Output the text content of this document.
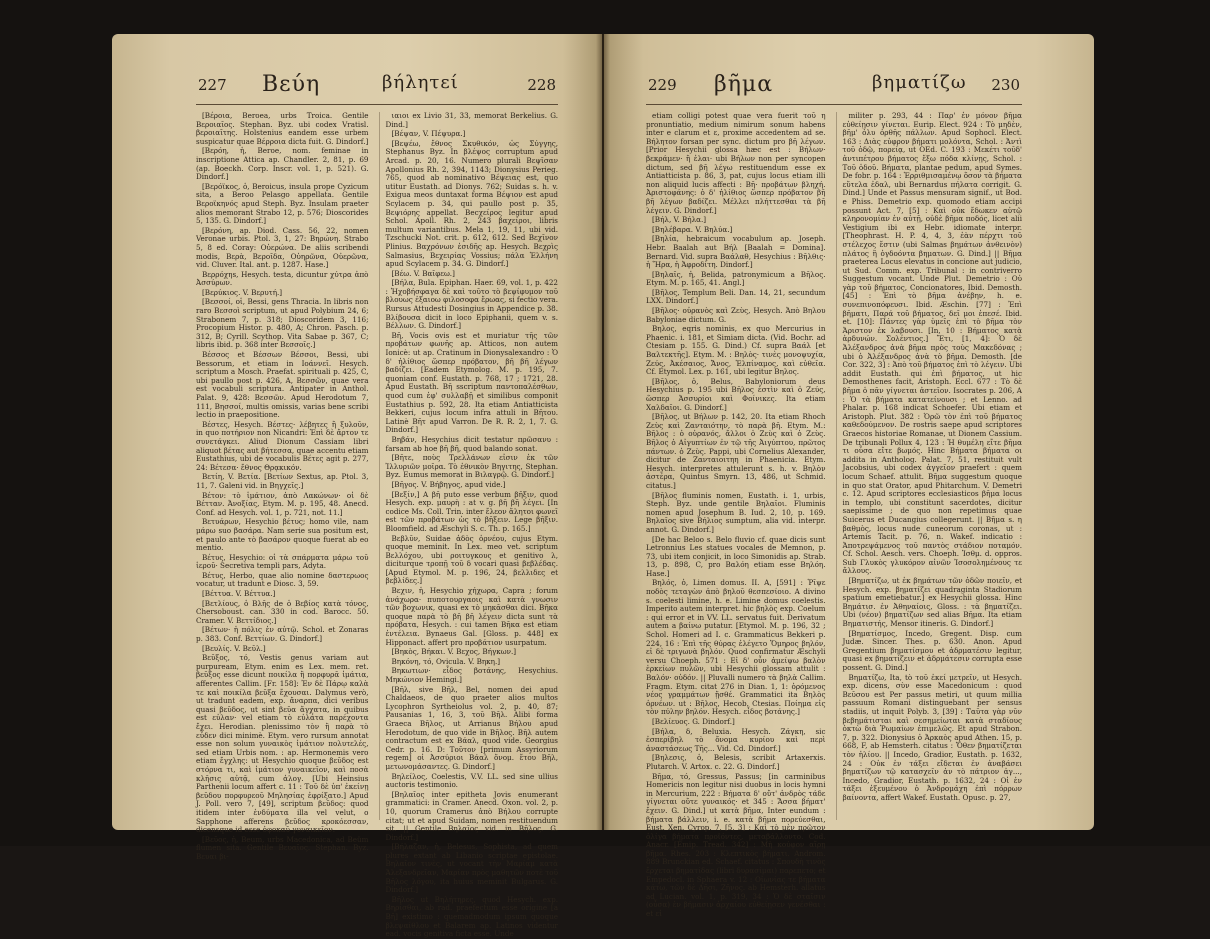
227 Βεύη	βήλητεί	228

[Βέροια, Beroea, urbs Troica. Gentile Βεροιαῖος. Stephan. Byz. ubi codex Vratisl. βεροιαῖτης. Holstenius eandem esse urbem suspicatur quae Βέρροια dicta fuit. G. Dindorf.]

[Βερόη, ἡ, Beroe, nom. feminae in inscriptione Attica ap. Chandler. 2, 81, p. 69 (ap. Boeckh. Corp. Inscr. vol. 1, p. 521). G. Dindorf.]

[Βερόϊκος, ὁ, Beroicus, insula prope Cyzicum sita, a Beroo Pelasgo appellata. Gentile Βεροϊκηνός apud Steph. Byz. Insulam praeter alios memorant Strabo 12, p. 576; Dioscorides 5, 135. G. Dindorf.]

[Βερόνη, ap. Diod. Cass. 56, 22, nomen Veronae urbis. Ptol. 3, 1, 27: Βηρώνη. Strabo 5, 8 ed. Coray: Οὐερώνα. De aliis scribendi modis, Βερὰ, Βεροῖδα, Οὐηρῶνα, Οὐερῶνα, vid. Cluver. Ital. ant. p. 1287. Hase.]

Βερρόχηs, Hesych. testa, dicuntur χύτρα ἀπὸ Ἀσσύρων.

[Βερύκιος. V. Βερυτή.]

[Βεσσοί, οἱ, Bessi, gens Thracia. In libris non raro Βεσσοὶ scriptum, ut apud Polybium 24, 6; Strabonem 7, p. 318; Dioscoridem 3, 116; Procopium Histor. p. 480, A; Chron. Pasch. p. 312, B; Cyrill. Scythop. Vita Sabae p. 367, C; libris ibid. p. 368 inter Βεσσοῖς.]

Βέσσος et Βέσσων Βέσσοι, Bessi, ubi Bessorum, et etiam in Iοάννεῖ. Hesych. scriptum a Mosch. Praefat. spirituali p. 425, C, ubi paullo post p. 426, A, Βεσσῶν, quae vera est vocabuli scriptura. Antipater in Anthol. Palat. 9, 428: Βεσσῶν. Apud Herodotum 7, 111, Βησσοί, multis omissis, varias bene scribi lectio in praepositione.

Βέστες, Hesych. Βέστες· λέβητες ἢ ξυλοῦν, in quo ποτήριον non Nicandri: Ἐπὶ δὲ ἄρτον τε συνετάγκει. Aliud Dionum Cassiam libri aliquot βέτας aut βήτεσσα, quae accentu etiam Eustathius, ubi de vocabulis Βέτες agit p. 277, 24: Βέτεσα· ἔθνος Θρᾳκικόν.

Βετίη, V. Βετία. [Βετίων Sextus, ap. Ptol. 3, 11, 7. Galeni vid. in Βηγχεῖς.]

Βέτον: τὸ ἱμάτιον, ἀπὸ Λακώνων· οἱ δὲ Βέτταν. Ἀνοξίας, Etym. M. p. 195, 48. Anecd. Conf. ad Hesych. vol. 1, p. 721, not. 11.]

Βετυάρων, Hesychio βέτυς; homo vile, nam μάρω suo βασάρα. Nam serie sua positum est, et paulo ante τὸ βασάρον quoque fuerat ab eo mentio.

Βέτυς, Hesychio: οἱ τὰ σπάρματα μάρω τοῦ ἱεροῦ· Secretiva templi pars, Adyta.

Βέτυς, Herbo, quae alio nomine δαστερωος vocatur, ut tradunt e Diosc. 3, 59.

[Βέττυα. V. Βέττυα.]

[Βετλίους, ὁ Βλῆς de ὁ Βεβίος κατὰ τόνος, Chersoboust. can. 330 in cod. Barocc. 50. Cramer. V. Βεττίδιος.]

[Βέτων· ἡ πόλις ἐν αὐτῷ. Schol. et Zonaras p. 383. Conf. Βεττίων. G. Dindorf.]

[Βευλίς. V. Βεῦλ.]

Βεῦξος, τό, Vestis genus variam aut purpuream, Etym. enim es Lex. mem. ret. βεῦξος esse dicunt ποικίλα ἢ πορφυρᾶ ἱμάτια, afferentes Callim. [Fr. 158]: Ἐν δὲ Πάρῳ καλὰ τε καὶ ποικίλα βεῦξα ἔχουσαι. Dalymus verò, ut tradunt eadem, exp. ἄναρπα, dici veribus quasi βεῦδος, ut sint βεῦα ἄγχατα, in quibus est εὐλαν· vel etiam τὸ εὐλάτα παρέχοντα ἔχει. Herodian. plenissimo τὸν ἢ παρὰ τὸ εὖδεν dici minimè. Etym. vero rursum annotat esse non solum γυναικὸς ἱμάτιον πολυτελές, sed etiam Urbis nom. : ap. Hermonemis vero etiam ἔγχλης: ut Hesychio quoque βεῦδος est στόρνα τι, καὶ ἱμάτιον γυναικεῖον, καὶ ποσὰ κλῆσις αὐτᾷ, cum ἀλογ. [Ubi Heinsius Parthenii locum affert c. 11 : Τοῦ δὲ ὑπ' ἐκείνῃ βεῦδου πορφυρεοῦ Μηλησίας ἐφρίξατο.] Apud J. Poll. vero 7, [49], scriptum βεῦδος: quod itidem inter ἐνδύματα illa vel velut, o Sapphone afferens βεῦδος κροκόεσσαν, dicensque id esse ὀφοκαῦ γυναικεῖον.

[Βεῦος, ἡ, Beum, urbs Macedonica, ad Beüm flumen sita. Gentile Βευαῖος. Stephan. Byz. Βευαι βι-

ιαιοι ex Livio 31, 33, memorat Berkelius. G. Dind.]

[Βέψαν, V. Πέψυρα.]

[Βεψέω, ἔθνος Σκυθικόν, ὡς Σύγγης, Stephanus Byz. In βλέψος corruptum apud Arcad. p. 20, 16. Numero plurali Βεψῖσαν Apollonius Rh. 2, 394, 1143; Dionysius Perieg. 765, quod ab nominativo Βέψειας est, quo utitur Eustath. ad Dionys. 762; Suidas s. h. v. Exigua meos duntaxat forma Βέψιον est apud Scylacem p. 34, qui paullo post p. 35, Βεψιόρης appellat. Becχείρος legitur apud Schol. Apoll. Rh. 2, 243 βαχείροι, libris multum variantibus. Mela 1, 19, 11, ubi vid. Tzschucki Not. crit. p. 612, 612. Sed Βεχῖνον Plinius. Βαχρόνων ἐσιδῆς ap. Hesych. Βεχρὶς Salmasius, Βεχειρίας Vossius; πάλα Ἐλλήνη apud Scylacem p. 34. G. Dindorf.]

[Βέω. V. Βαῖφεω.]

[Βήλα, Bula. Epiphan. Haer. 69, vol. 1, p. 422 : Ἡχοβήσφαγα δὲ καὶ τοῦτο τὸ βεψίφυμον τοῦ βλουως ἐξαιοω φιλοσοφα ἔρωας, si fectio vera. Rursus Attudesti Dosingius in Appendice p. 38. Βλίβουσα dicit in loco Epiphanii, quem v. s. Βέλλων. G. Dindorf.]

Βῆ, Vocis ovis est et muriatur τῆς τῶν προβάτων φωνῆς ap. Atticos, non autem Ionicè: ut ap. Cratinum in Dionysalexandro : Ὁ δ' ἠλίθιος ὥσπερ πρόβατον, βῆ βῆ λέγων βαδίζει. [Eadem Etymolog. M. p. 195, 7. quoniam conf. Eustath. p. 768, 17 ; 1721, 28. Apud Eustath. Βῆ sscriptum παντοπαλέσθων, quod cum ἐφ' συλλαβῇ et similibus componit Eustathius p. 592, 28. Ita etiam Antiatticista Bekkeri, cujus locum infra attuli in Βῆτου. Latinè Βῆτ apud Varron. De R. R. 2, 1, 7. G. Dindorf.]

Βηβάν, Hesychius dicit testatur πρῶσανυ : farsam ab hoe βῆ βῆ, quod balando sonat.

[Βῆτε, ποὺς Τρελλάνων εἰσιν ἐκ τῶν Ἰλλυριῶν μοῖρα. Τὸ ἐθνικὸν Βηγιτης, Stephan. Byz. Eumus memorat in Βιλαγρῷ. G. Dindorf.]

[Βῆγος. V. Βήβηγος, apud vide.]

[Βεξίν,] A βῆ puto esse verbum βῆξιν, quod Hesych. exp. μαυρὴ : at v. g. βῆ βῆ λέγει. [In codice Ms. Coll. Trin. inter ἔλεον ἄλητοι φωνεῖ est τῶν προβάτων ὡς τὸ βῆξειν. Lege βῆξιν. Bloomfield. ad Æschyli S. c. Th. p. 165.]

Βεβλῦν, Suidae ἀδὸς ὀρνέου, cujus Etym. quoque meminit. In Lex. meo vet. scriptum Βελλόχου, ubi ροιτυγκους et genitivo λ, diciturque τροπῇ τοῦ δ vocari quasi βεβλέδας. [Apud Etymol. M. p. 196, 24, βελλιδες et βεβλίδες.]

Βεχιν, ἡ, Hesychio χήχωρα, Capra ; forum ἀνάχωρα· πυποτουργαοις καὶ κατὰ γνωσιν τῶν βοχωνικ, quasi ex τὸ μηκᾶσθαι dici. Βῆκα quoque παρὰ τὸ βῆ βῆ λέγειν dicta sunt τὰ πρόβατα, Hesych. : cui tamen Βῆκα est etiam ἐντέλεια. Bynaeus Gal. [Gloss. p. 448] ex Hipponact. affert pro προβάτιον usurpatum.

[Βηκὸς, Βήκαι. V. Βεχος, Βήγκων.]

Βηκόνη, τό, Ovicula. V. Βηκη.]

Βηκωτιων· εἶδος βοτάνης, Hesychius. Μηκώνιον Hemingi.]

[Βῆλ, sive Βῆλ, Bel, nomen dei apud Chaldaeos, de quo praeter alios multos Lycophron Syrtheiolus vol. 2, p. 40, 87; Pausanias 1, 16, 3, τοῦ Βῆλ. Alibi forma Graeca Βῆλος, ut Arrianus Βήλου apud Herodotum, de quo vide in Βῆλος. Βῆλ autem contractum est ex Βάαλ, quod vide. Georgius Cedr. p. 16. D: Τοῦτον [primum Assyriorum regem] οἱ Ἀσσύριοι Βάαλ ὄνομ. ἔτου Βῆλ, μετωνομάσαντες. G. Dindorf.]

Βηλείλος, Coelestis, V.V. LL. sed sine ullius auctoris testimonio.

[Βηλαῖος inter epitheta Jovis enumerant grammatici: in Cramer. Anecd. Oxon. vol. 2, p. 10, quorum Cramerus ἀπὸ Βήλου corrupte citat; ut et apud Suidam, nomen restituendum sit. || Gentile Βηλαῖος vid. in Βῆλος. G. Dindorf.]

[Βήλαζαν, ἡ, Belesus, Sophista, ad quem plures extant ab Libanio scriptae epistolae. Βηλαῖον τινὲς, ut vocant τὴν Μαρίαμ κατὰ Ἀλεξανδρεῖαν, Μαρίαν πρὸς μαθητῶν ποτὲ τοῦ Βῆλος λόγου, ita huius meminit Bulgarus. G. Dindorf.]

Βῆλος ut Βηλήτηρες, quod Hesych. exp. Βηρίσθαι, ab rad. praefectum esse origine [a Βῆ] existimo : quemadmodum ipsum quoque βλεψαίθλου et Balarem ap. Latinos videntur ead. vocis genitiva ficta esse. Unde

229 βῆμα	βηματίζω 230

etiam colligi potest quae vera fuerit τοῦ η pronuntiatio, medium nimirum sonum habens inter e clarum et ε, proxime accedentem ad se. Βήλητον forsan per sync. dictum pro βῆ λέγων. [Prior Hesychii glossa hæc est : Βήλων· βεκράμεν· ἢ ἐλαι· ubi Βήλων non per syncopen dictum, sed βῆ λέγω restituendum esse ex Antiatticista p. 86, 3, pat, cujus locus etiam illi non aliquid lucis affecti : Βῆ· προβάτων βληχή. Ἀριστοφάνης: ὁ δ' ἠλίθιος ὥσπερ πρόβατον βῆ βῆ λέγων βαδίζει. Μέλλει πλήττεσθαι τὰ βῆ λέγειν. G. Dindorf.]

[Βήλ, V. Βήλα.]

[Βηλέβαρα. V. Βηλύα.]

[Βηλία, hebraicum vocabulum ap. Joseph. Hebr. Baalah aut Βήλ [Baalah = Domina]. Bernard. Vid. supra Βαάλαθ, Hesychius : Βῆλθις· ἡ Ἥρα, ἡ Ἀφροδίτη. Dindorf.]

[Βηλαῖς, ἡ, Belida, patronymicum a Βῆλος. Etym. M. p. 165, 41. Angl.]

[Βῆλος, Templum Beli. Dan. 14, 21, secundum LXX. Dindorf.]

[Βῆλος· οὐρανὸς καὶ Ζεὺς, Hesych. Ἀπὸ Βηλου Babyloniae dictum. G.

Βηλος, eqris nominis, ex quo Mercurius in Phaenic. i. 181, et Simiam dicta. (Vid. Bochr. ad Ctesiam p. 155. G. Dind.) Cf. supra Βαάλ [et Βαλτεκτῆς]. Etym. M. : Βηλὸς· τινὲς μονοψυχία, Ζεύς, Ἀκέσαιος, Ἄνος, Ἐλπίναμος, καὶ εὐθεῖα. Cf. Etymol. Lex. p. 161, ubi legitur Βηλος.

[Βῆλος, ὁ, Belus, Babyloniorum deus Hesychius p. 195 ubi Βῆλος ἐστὶν καὶ ὁ Ζεύς, ὥσπερ Ἀσσυρίοι καὶ Φοίνικες. Ita etiam Χαλδαῖοι. G. Dindorf.]

[Βῆλος, ut Βήλων p. 142, 20. Ita etiam Rhoch Ζεὺς καὶ Ζανταιότην, τὸ παρὰ βῆ. Etym. M.: Βῆλος : ὁ οὐρανός, ἄλλοι ὁ Ζεὺς καὶ ὁ Ζεὺς. Βῆλος ὁ Αἰγυπτίων ἐν τῷ τῆς Ἀιγύπτου, πρῶτος πάντων. ὁ Ζεὺς. Pappi, ubi Cornelius Alexander, dicitur de Ζανταιοιτηη in Phaenicia. Etym. Hesych. interpretes attulerunt s. h. v. Βηλὸν ἀστέρα, Quintus Smyrn. 13, 486, ut Schmid. citatus.]

[Βῆλος fluminis nomen, Eustath. i. 1, urbis, Steph. Byz. unde gentile Βηλαῖοι. Fluminis nomen apud Josephum B. Iud. 2, 10, p. 169. Βηλαῖος sive Βήλιος sumptum, alia vid. interpr. annot. G. Dindorf.]

[De hac Beloo s. Belo fluvio cf. quae dicis sunt Letronnius Les statues vocales de Memnon, p. 73, ubi item conjicit, in loco Simonidis ap. Strab. 13, p. 898, C, pro Βαλόη etiam esse Βηλόη. Hase.]

Βηλός, ὁ, Limen domus. II. A, [591] : Ῥῖψε ποδὸς τεταγὼν ἀπὸ βηλοῦ θεσπεσίοιο. A divino s. coelesti limine, h. e. Limine domus coelestis. Imperito autem interpret. hic βηλὸς exp. Coelum : qui error et in VV. LL. servatus fuit. Derivatum autem a βαίνω putatur. [Etymol. M. p. 196, 32 ; Schol. Homeri ad I. c. Grammaticus Bekkeri p. 224, 16 : Ἐπὶ τῆς θύρας ἐλέγετο Ὅμηρος βηλόν, εἰ δὲ τριγωνὰ βηλόν. Quod confirmatur Æschyli versu Choeph. 571 : Εἰ δ' οὖν ἀμείψω βαλὸν ἑρκείων πυλῶν, ubi Hesychii glossam attulit : Βαλόν· οὐδόν. || Pluvalli numero τὰ βηλὰ Callim. Fragm. Etym. citat 276 in Dian. 1, 1: ὀρόμενος νέος γραμμάτων ᾔσθέ. Grammatici ita Βηλὸς ὀρνέων. ut : Βῆλος, Hecob. Ctesias. Ποίημα εἰς τὸν πύλην βηλόν. Hesych. εἶδος βοτάνης.]

[Βελίευος. G. Dindorf.]

[Βήλα, δ, Beluxia. Hesych. Ζάγκη, sic ἐσπερίβηλ τὸ ὄνομα κυρίου καὶ περὶ ἀναστάσεως Τῆς... Vid. Cd. Dindorf.]

[Βηλεσις, ὁ, Belesis, scribit Artaxerxis. Plutarch. V. Artox. c. 22. G. Dindorf.]

Βῆμα, τό, Gressus, Passus; [in carminibus Homericis non legitur nisi duobus in locis hymni in Mercurium, 222 : Βήματα δ' οὔτ' ἀνδρὸς τάδε γίγνεται οὔτε γυναικός· et 345 : Ἄσσα βήματ' ἔχειν. G. Dind.] ut κατὰ βῆμα, Inter eundum : βήματα βάλλειν, i. e. κατὰ βῆμα πορεύεσθαι, Eust. Xen. Cyrop. 7, [5, 3] : Καὶ τὸ μὲν πρῶτον ὀλίγα βήματα προϊόντες, μεταβάλλοντο. Cod. Anacr. [Emip. Tread. 342] : Μὴ κούφον αἴρῃ βῆμα. Rhes. 203 : Κλεπτικὸς βήματι. Androm. 889 Brunckian ed. Schaef. citatus : Σπουδὴ τινὸς ἔρχεται βηματίδας (libri δυρασίμαι) παρεπετο; et Empedocl. in Sphaera v. 12 : Οἰωνίας τε βήματα κάτω, τῶν δὲ Δῆσι, Ζῆνος. ab Hemsterh. allatus ad Lucian. vol. 1, p. 319, 34 : Ὁ δὲ σταῖσιν (οὖσα) ἐν βήμασιν ἀρχαίου εὐθείῃσεν γενέσθαι : et εἰ

militer p. 293, 44 : Παρ' ἐν μόνον βῆμα εὐθείῃσιν γίνεται. Eurip. Elect. 924 : Τὸ μηδὲν, βῆμ' ὀλυ ὀρθῆς πάλλων. Apud Sophocl. Elect. 163 : Διὰς εὐφρον βήματι μολόντα, Schol. : Ἀντὶ τοῦ ὁδῷ, πορείᾳ, ut OEd. C. 193 : Μεκέτι τοῦδ' ἀντιπέτρου βήματος ἔξω πόδα κλίνῃς, Schol. : Τοῦ ὁδοῦ. Βήματα, plantae pedum, apud Symes. De fobr. p. 164 : Ἐρριθμισαμένῳ ὅσον τὰ βήματα εὔτελα ἐδαλ, ubi Bernardus πήλατα corrigit. G. Dind.] Unde et Passus mensuram signif., ut Bod. e Phiss. Demetrio exp. quomodo etiam accipi possunt Act. 7, [5] : Καὶ οὐκ ἔδωκεν αὐτῷ κληρονομίαν ἐν αὐτῇ, οὐδὲ βῆμα ποδός, licet alii Vestigium ibi ex Hebr. idiomate interpr. [Theophrast. H. P. 4, 4, 3, ἐὰν πέρχτι τοῦ στέλεχος ἔστιν (ubi Salmas βημάτων ἀνθεινὸν) πλάτος ἢ ὀγδοόντα βηματων. G. Dind.] || Βῆμα praeterea Locus elevatus in concione aut judicio, ut Sud. Comm. exp. Tribunal : in contriverro Suggestum vocant. Unde Plut. Demetrio : Οὐ γὰρ τοῦ βήματος, Concionatores, Ibid. Demosth. [45] : Ἐπὶ τὸ βῆμα ἀνέβην, h. e. συνεπινοπόφευσι. Ibid. Æschin. [77] : Ἐπὶ βῆματι, Παρά τοῦ βήματος, δεῖ μοι ἐπεσέ. Ibid. et. [10]: Πάντες γὰρ ὑμεῖς ἐπὶ τὸ βῆμα τὸν Ἀριστον ἐκ λαβουσι. [In, 10 : Βήματος κατὰ ἀρδυνών. Σολέντιος.] Ἔτι, [1, 4]: Ὁ δὲ Ἀλέξανδρος ἀνὰ βῆμα πρὸς τοὺς Μακεδόνας ; ubi ὁ Ἀλέξανδρος ἀνὰ τὸ βῆμα. Demosth. [de Cor. 322, 3] : Ἀπὸ τοῦ βήματος ἐπὶ τὸ λέγειν. Ubi addit Eustath. qui ἐπὶ βήματος, ut hic Demosthenes facit, Aristoph. Eccl. 677 : Τὸ δὲ βῆμα ὁ πᾶν γίγνεται ἀστεῖον. Isocrates p. 206, A : Ὁ τὰ βήματα κατατείνουσι ; et Lenno. ad Phalar. p. 168 indicat Schoefer. Ubi etiam et Aristoph. Plut. 382 : Ὁρῶ τὸν ἐπὶ τοῦ βήματος καθεδούμενον. De rostris saepe apud scriptores Graecos historiae Romanae, ut Dionem Cassium. De tribunali Pollux 4, 123 : Ἡ θυμέλη εἴτε βῆμα τι οὖσα εἴτε βωμός. Hinc Βήματα βήματα οι addita in Antholog. Palat. 7, 51, restituit vult Jacobsius, ubi codex ἀγγεῖον praefert : quem locum Schaef. attulit. Βῆμα suggestum quoque in quo stat Orator, apud Phitarchum. V. Demetri c. 12. Apud scriptores ecclesiasticos βῆμα locus in templo, ubi constitunt sacerdotes, dicitur saepissime ; de quo non repetimus quae Suicerus et Ducangius collegerunt. || Βῆμα s. η βαθμὸς, locus nude cuneorum coronas, ut : Artemis Tacit. p. 76, n. Wakef. indicatio : Ἀποτρεψάμενος τοῦ παντὸς στάδιον ποταμόν. Cf. Schol. Aesch. vers. Choeph. Ἰσθμ. d. oppros. Sub Γλυκὸς γλυκόρον αἰνῶν Ἰσοσολημένους τε ἄλλους.

[Βηματίζω, ut ἐκ βημάτων τῶν ὁδῶν ποιεῖν, et Hesych. exp. βηματίζει quadraginta Stadiorum spatium emetiebatur.] ex Hesychii glossa. Hinc Βημάτισ. ἐν Ἀθηναίοις, Gloss. : τὰ βηματίζει. Ubi (νέον) βηματίζων sed alias Βῆμα. Ita etiam Βηματιστής, Mensor itineris. G. Dindorf.]

[Βηματίσμος, Incedo, Gregent. Disp. cum Judæ. Sincer. Thes. p. 630. Anon. Apud Gregentium βηματίσμου et ἀδρματέσιν legitur, quasi ex βηματίζειν et ἀδρμάτεσιν corrupta esse possent. G. Dind.]

Βηματίζω, Ita, tò τοῦ ἐκεί μετρεῖν, ut Hesych. exp. dicens, σὺν esse Macedonicum : quod Βεῦσου est Per passus metiri, ut quum millia passuum Romani distinguebant per sensus stadiis, ut inquit Polyb. 3, [39] : Ταῦτα γὰρ νῦν βεβημάτισται καὶ σεσημείωται κατὰ σταδίους ὀκτὼ διὰ Ῥωμαίων ἐπιμελῶς. Et apud Strabon. 7, p. 322. Dionysius ὁ Ἀρκαὸς apud Athen. 15, p. 668, F, ab Hemsterh. citatus : Ὅθεν βηματίζεται τὸν ἡλίου. || Incedo, Gradior, Eustath. p. 1632, 24 : Οὐκ ἐν τάξει εἴδεται ἐν ἀναβάσει βηματίζων τῷ κατασχεῖν ἀν τὸ πάτριον ἀγ..., Incedo, Gradior, Eustath. p. 1632, 24 : Οἱ ἐν τάξει ἐξευμένου ὁ Ἀνδρομάχη ἐπὶ πόρρων βαίνοντα, affert Wakef. Eustath. Opusc. p. 27,
